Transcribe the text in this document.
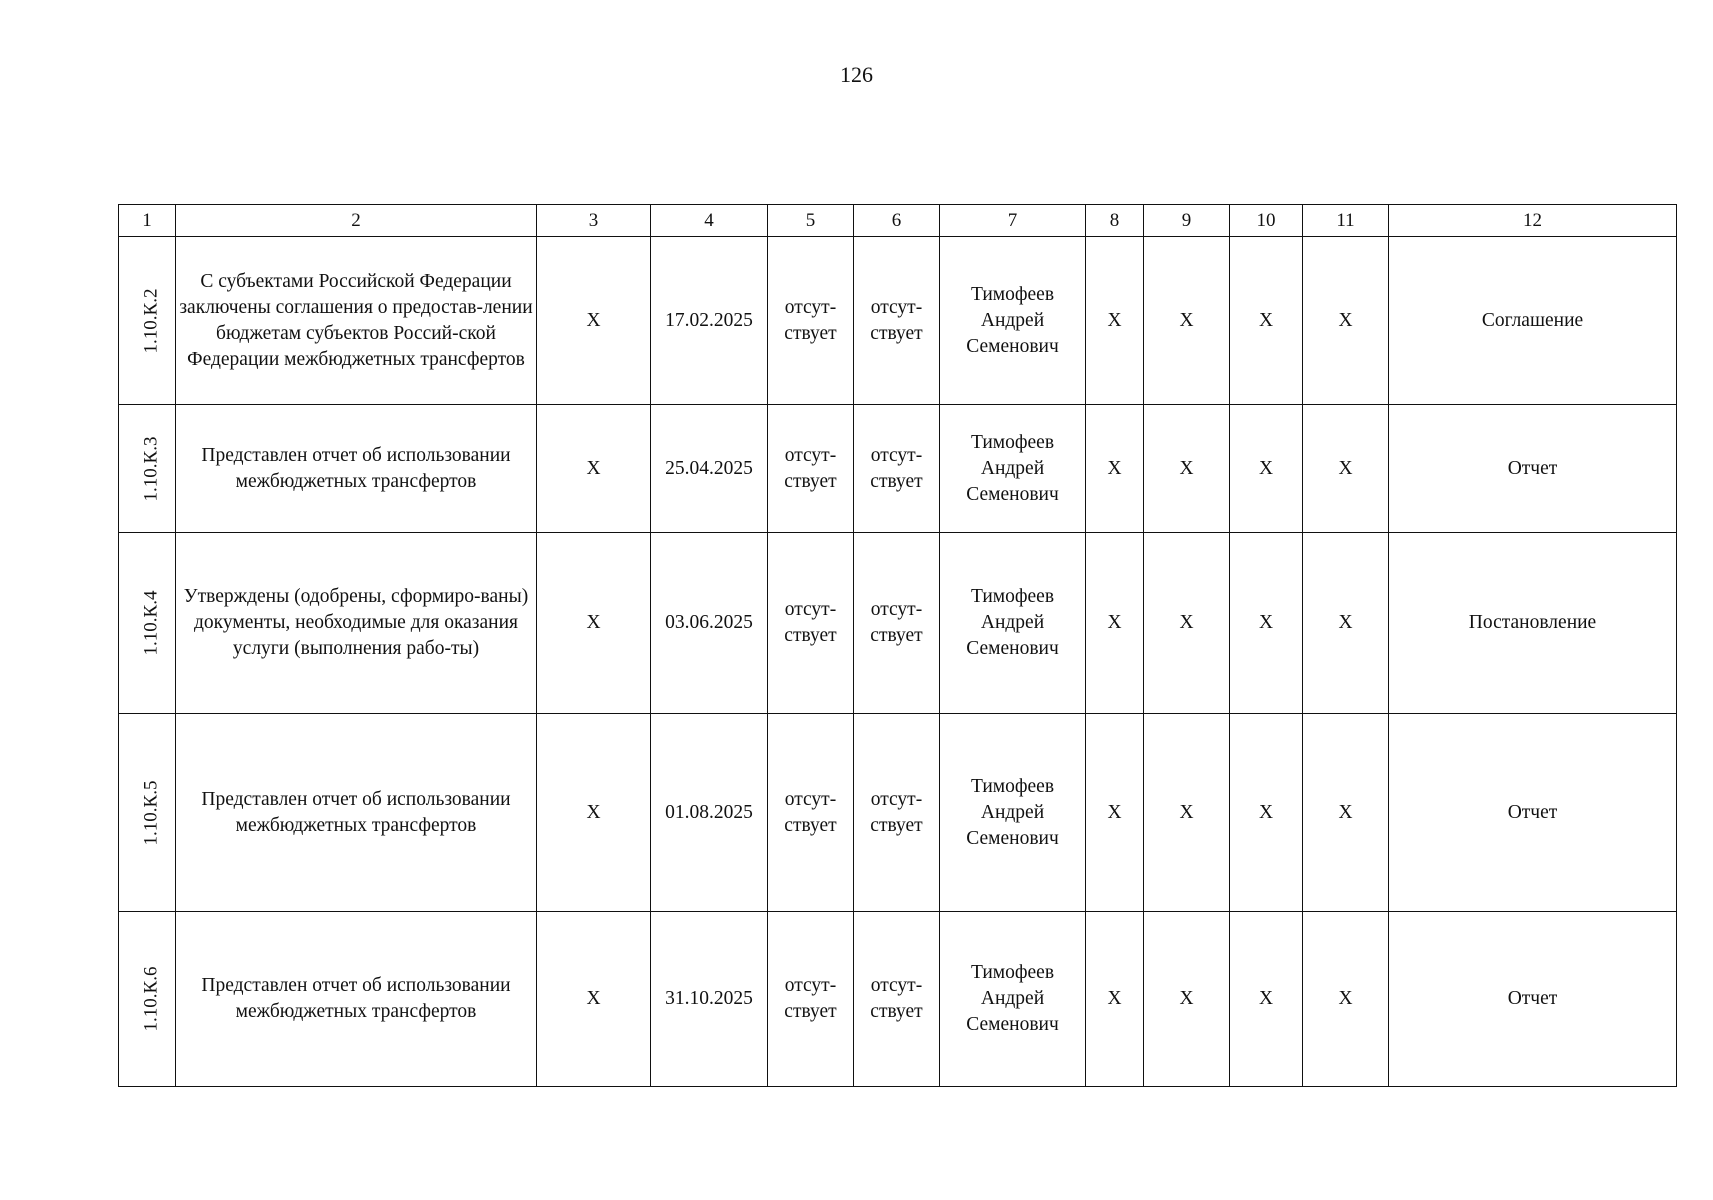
126
1	2	3	4	5	6	7	8	9	10	11	12
1.10.К.2	С субъектами Российской Федерации заключены соглашения о предостав-лении бюджетам субъектов Россий-ской Федерации межбюджетных трансфертов	Х	17.02.2025	отсут-ствует	отсут-ствует	Тимофеев Андрей Семенович	Х	Х	Х	Х	Соглашение
1.10.К.3	Представлен отчет об использовании межбюджетных трансфертов	Х	25.04.2025	отсут-ствует	отсут-ствует	Тимофеев Андрей Семенович	Х	Х	Х	Х	Отчет
1.10.К.4	Утверждены (одобрены, сформиро-ваны) документы, необходимые для оказания услуги (выполнения рабо-ты)	Х	03.06.2025	отсут-ствует	отсут-ствует	Тимофеев Андрей Семенович	Х	Х	Х	Х	Постановление
1.10.К.5	Представлен отчет об использовании межбюджетных трансфертов	Х	01.08.2025	отсут-ствует	отсут-ствует	Тимофеев Андрей Семенович	Х	Х	Х	Х	Отчет
1.10.К.6	Представлен отчет об использовании межбюджетных трансфертов	Х	31.10.2025	отсут-ствует	отсут-ствует	Тимофеев Андрей Семенович	Х	Х	Х	Х	Отчет
